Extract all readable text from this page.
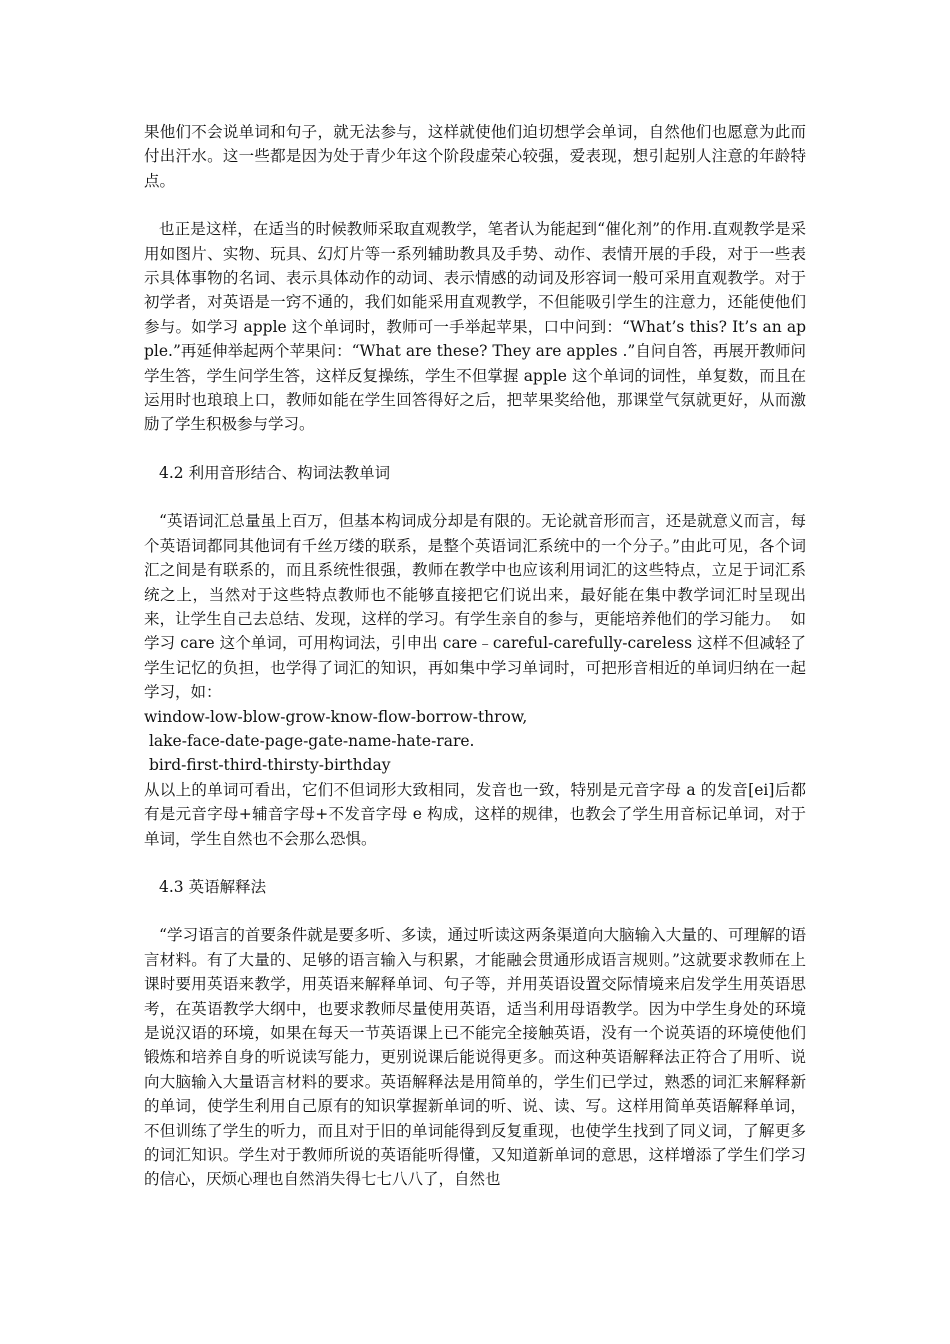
果他们不会说单词和句子，就无法参与，这样就使他们迫切想学会单词，自然他们也愿意为此而付出汗水。这一些都是因为处于青少年这个阶段虚荣心较强，爱表现，想引起别人注意的年龄特点。

也正是这样，在适当的时候教师采取直观教学，笔者认为能起到“催化剂”的作用.直观教学是采用如图片、实物、玩具、幻灯片等一系列辅助教具及手势、动作、表情开展的手段，对于一些表示具体事物的名词、表示具体动作的动词、表示情感的动词及形容词一般可采用直观教学。对于初学者，对英语是一窍不通的，我们如能采用直观教学，不但能吸引学生的注意力，还能使他们参与。如学习 apple 这个单词时，教师可一手举起苹果，口中问到：“What’s this? It’s an apple.”再延伸举起两个苹果问：“What are these? They are apples .”自问自答，再展开教师问学生答，学生问学生答，这样反复操练，学生不但掌握 apple 这个单词的词性，单复数，而且在运用时也琅琅上口，教师如能在学生回答得好之后，把苹果奖给他，那课堂气氛就更好，从而激励了学生积极参与学习。

4.2 利用音形结合、构词法教单词

“英语词汇总量虽上百万，但基本构词成分却是有限的。无论就音形而言，还是就意义而言，每个英语词都同其他词有千丝万缕的联系，是整个英语词汇系统中的一个分子。”由此可见，各个词汇之间是有联系的，而且系统性很强，教师在教学中也应该利用词汇的这些特点，立足于词汇系统之上，当然对于这些特点教师也不能够直接把它们说出来，最好能在集中教学词汇时呈现出来，让学生自己去总结、发现，这样的学习。有学生亲自的参与，更能培养他们的学习能力。  如学习 care 这个单词，可用构词法，引申出 care﹣careful-carefully-careless 这样不但减轻了学生记忆的负担，也学得了词汇的知识，再如集中学习单词时，可把形音相近的单词归纳在一起学习，如：

window-low-blow-grow-know-flow-borrow-throw,

lake-face-date-page-gate-name-hate-rare.

bird-first-third-thirsty-birthday

从以上的单词可看出，它们不但词形大致相同，发音也一致，特别是元音字母 a 的发音[ei]后都有是元音字母+辅音字母+不发音字母 e 构成，这样的规律，也教会了学生用音标记单词，对于单词，学生自然也不会那么恐惧。

4.3 英语解释法

“学习语言的首要条件就是要多听、多读，通过听读这两条渠道向大脑输入大量的、可理解的语言材料。有了大量的、足够的语言输入与积累，才能融会贯通形成语言规则。”这就要求教师在上课时要用英语来教学，用英语来解释单词、句子等，并用英语设置交际情境来启发学生用英语思考，在英语教学大纲中，也要求教师尽量使用英语，适当利用母语教学。因为中学生身处的环境是说汉语的环境，如果在每天一节英语课上已不能完全接触英语，没有一个说英语的环境使他们锻炼和培养自身的听说读写能力，更别说课后能说得更多。而这种英语解释法正符合了用听、说向大脑输入大量语言材料的要求。英语解释法是用简单的，学生们已学过，熟悉的词汇来解释新的单词，使学生利用自己原有的知识掌握新单词的听、说、读、写。这样用简单英语解释单词，不但训练了学生的听力，而且对于旧的单词能得到反复重现，也使学生找到了同义词，了解更多的词汇知识。学生对于教师所说的英语能听得懂，又知道新单词的意思，这样增添了学生们学习的信心，厌烦心理也自然消失得七七八八了，自然也
